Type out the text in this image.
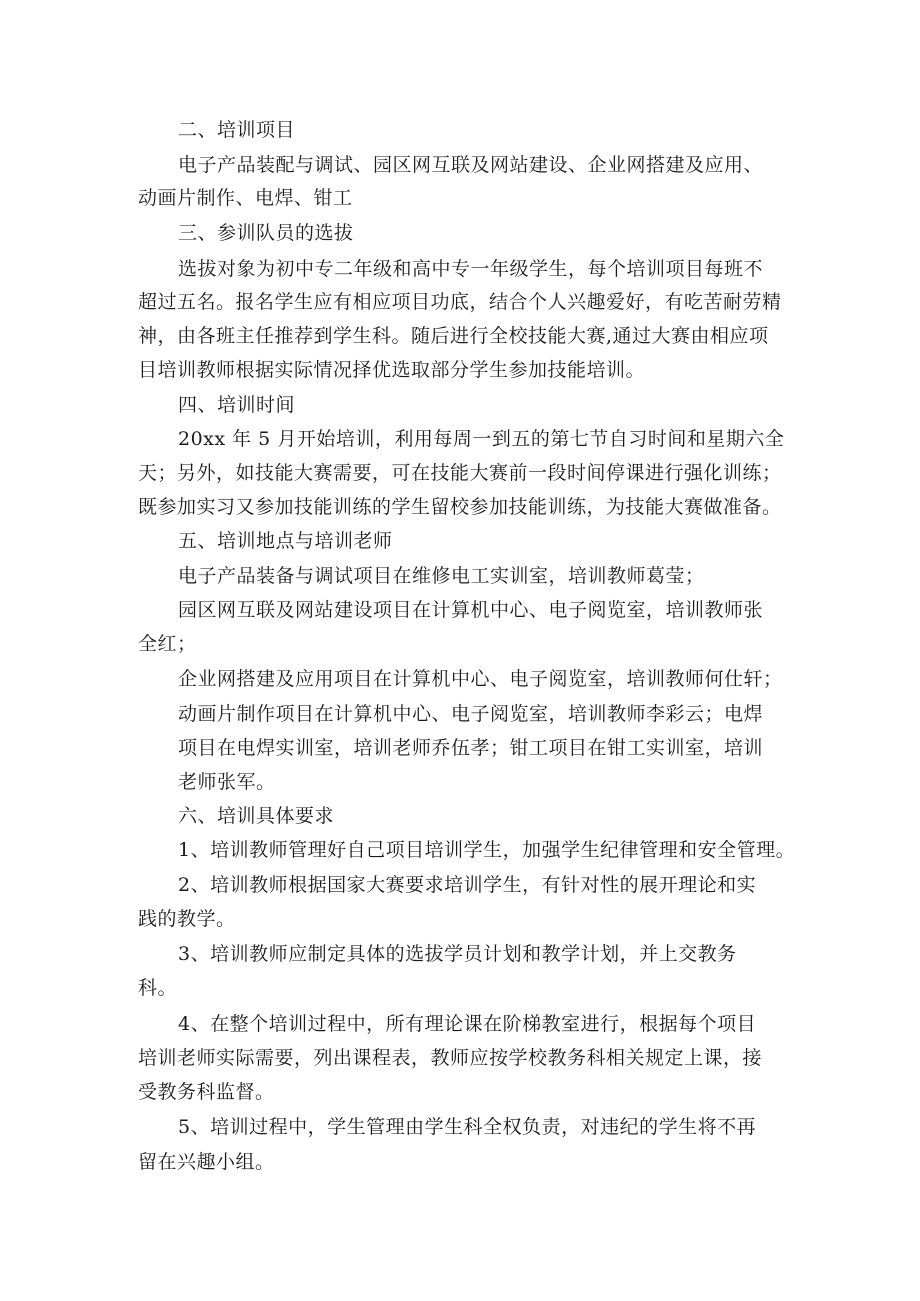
二、培训项目
电子产品装配与调试、园区网互联及网站建设、企业网搭建及应用、
动画片制作、电焊、钳工
三、参训队员的选拔
选拔对象为初中专二年级和高中专一年级学生，每个培训项目每班不
超过五名。报名学生应有相应项目功底，结合个人兴趣爱好，有吃苦耐劳精
神，由各班主任推荐到学生科。随后进行全校技能大赛,通过大赛由相应项
目培训教师根据实际情况择优选取部分学生参加技能培训。
四、培训时间
20xx 年 5 月开始培训，利用每周一到五的第七节自习时间和星期六全
天；另外，如技能大赛需要，可在技能大赛前一段时间停课进行强化训练；
既参加实习又参加技能训练的学生留校参加技能训练，为技能大赛做准备。
五、培训地点与培训老师
电子产品装备与调试项目在维修电工实训室，培训教师葛莹；
园区网互联及网站建设项目在计算机中心、电子阅览室，培训教师张
全红；
企业网搭建及应用项目在计算机中心、电子阅览室，培训教师何仕轩；
动画片制作项目在计算机中心、电子阅览室，培训教师李彩云；电焊
项目在电焊实训室，培训老师乔伍孝；钳工项目在钳工实训室，培训
老师张军。
六、培训具体要求
1、培训教师管理好自己项目培训学生，加强学生纪律管理和安全管理。
2、培训教师根据国家大赛要求培训学生，有针对性的展开理论和实
践的教学。
3、培训教师应制定具体的选拔学员计划和教学计划，并上交教务
科。
4、在整个培训过程中，所有理论课在阶梯教室进行，根据每个项目
培训老师实际需要，列出课程表，教师应按学校教务科相关规定上课，接
受教务科监督。
5、培训过程中，学生管理由学生科全权负责，对违纪的学生将不再
留在兴趣小组。
